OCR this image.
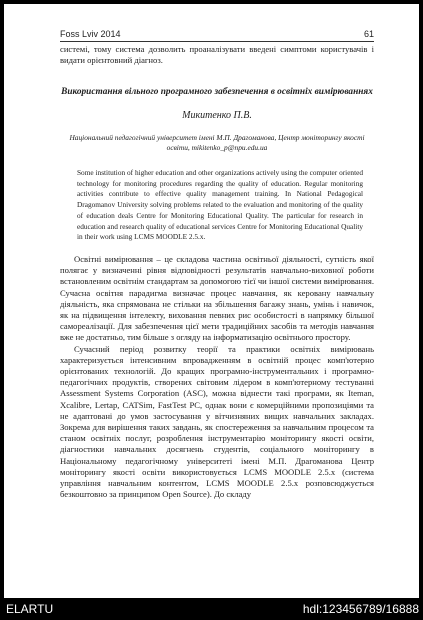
Foss Lviv 2014	61

системі, тому система дозволить проаналізувати введені симптоми користувачів і видати орієнтовний діагноз.

Використання вільного програмного забезпечення в освітніх вимірюваннях

Микитенко П.В.

Національний педагогічний університет імені М.П. Драгоманова, Центр моніторингу якості освіти, mikitenko_p@npu.edu.ua

Some institution of higher education and other organizations actively using the computer oriented technology for monitoring procedures regarding the quality of education. Regular monitoring activities contribute to effective quality management training. In National Pedagogical Dragomanov University solving problems related to the evaluation and monitoring of the quality of education deals Centre for Monitoring Educational Quality. The particular for research in education and research quality of educational services Centre for Monitoring Educational Quality in their work using LCMS MOODLE 2.5.x.

Освітні вимірювання – це складова частина освітньої діяльності, сутність якої полягає у визначенні рівня відповідності результатів навчально-виховної роботи встановленим освітнім стандартам за допомогою тієї чи іншої системи вимірювання. Сучасна освітня парадигма визначає процес навчання, як керовану навчальну діяльність, яка спрямована не стільки на збільшення багажу знань, умінь і навичок, як на підвищення інтелекту, виховання певних рис особистості в напрямку більшої самореалізації. Для забезпечення цієї мети традиційних засобів та методів навчання вже не достатньо, тим більше з огляду на інформатизацію освітнього простору.

Сучасний період розвитку теорії та практики освітніх вимірювань характеризується інтенсивним впровадженням в освітній процес комп'ютерно орієнтованих технологій. До кращих програмно-інструментальних і програмно-педагогічних продуктів, створених світовим лідером в комп'ютерному тестуванні Assessment Systems Corporation (ASC), можна віднести такі програми, як Iteman, Xcalibre, Lertap, CATSim, FastTest PC, однак вони є комерційними пропозиціями та не адаптовані до умов застосування у вітчизняних вищих навчальних закладах. Зокрема для вирішення таких завдань, як спостереження за навчальним процесом та станом освітніх послуг, розроблення інструментарію моніторингу якості освіти, діагностики навчальних досягнень студентів, соціального моніторингу в Національному педагогічному університеті імені М.П. Драгоманова Центр моніторингу якості освіти використовується LCMS MOODLE 2.5.x (система управління навчальним контентом, LCMS MOODLE 2.5.x розповсюджується безкоштовно за принципом Open Source). До складу

ELARTU	hdl:123456789/16888
